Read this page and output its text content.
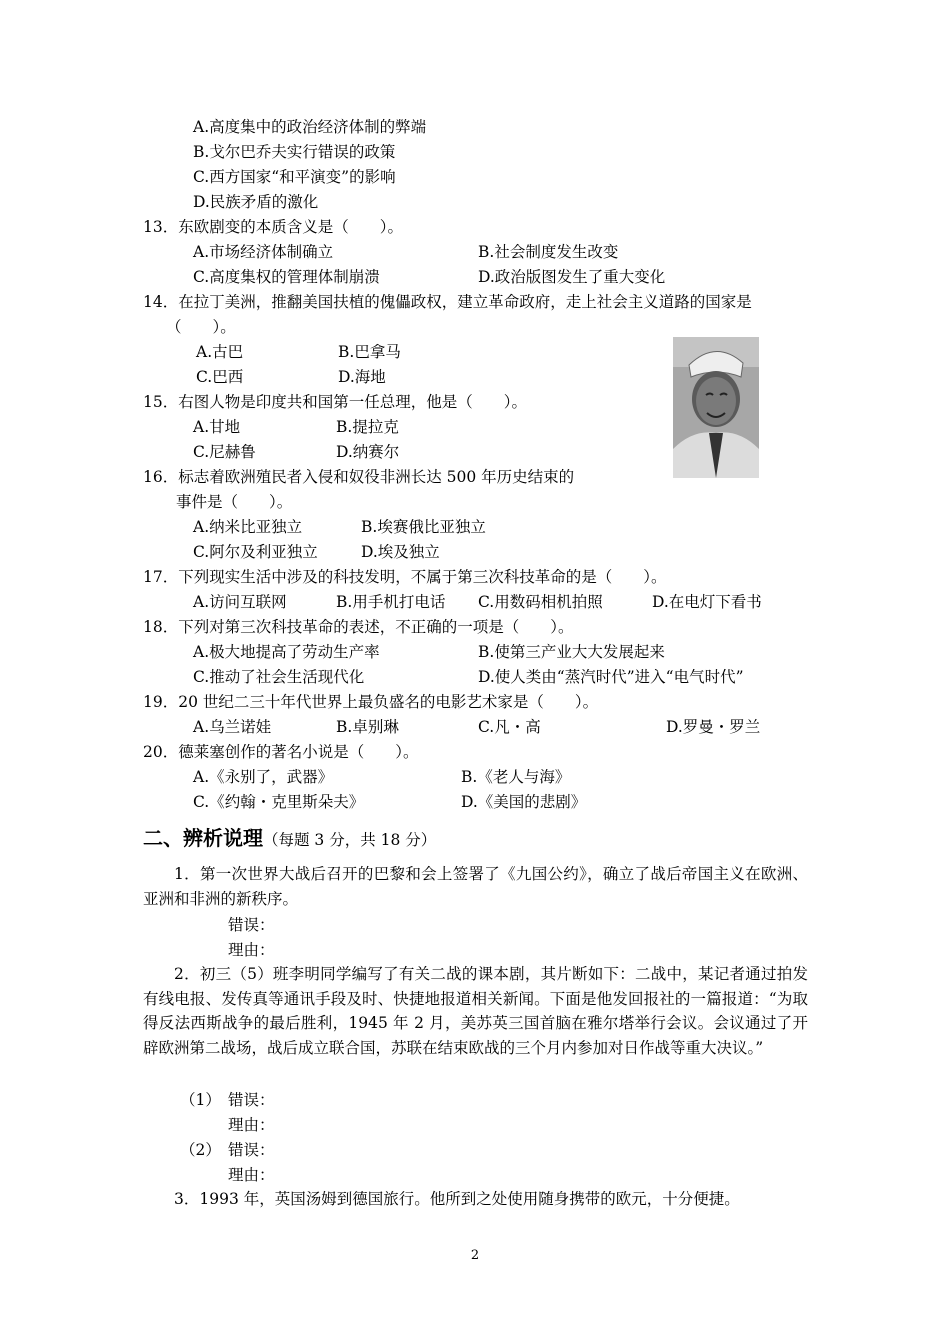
A.高度集中的政治经济体制的弊端
B.戈尔巴乔夫实行错误的政策
C.西方国家“和平演变”的影响
D.民族矛盾的激化
13．东欧剧变的本质含义是（　　）。
A.市场经济体制确立	B.社会制度发生改变
C.高度集权的管理体制崩溃	D.政治版图发生了重大变化
14．在拉丁美洲，推翻美国扶植的傀儡政权，建立革命政府，走上社会主义道路的国家是
（　　）。
A.古巴	B.巴拿马
C.巴西	D.海地
15．右图人物是印度共和国第一任总理，他是（　　）。
A.甘地	B.提拉克
C.尼赫鲁	D.纳赛尔
16．标志着欧洲殖民者入侵和奴役非洲长达 500 年历史结束的
事件是（　　）。
A.纳米比亚独立	B.埃赛俄比亚独立
C.阿尔及利亚独立	D.埃及独立
17．下列现实生活中涉及的科技发明，不属于第三次科技革命的是（　　）。
A.访问互联网	B.用手机打电话 C.用数码相机拍照	D.在电灯下看书
18．下列对第三次科技革命的表述，不正确的一项是（　　）。
A.极大地提高了劳动生产率	B.使第三产业大大发展起来
C.推动了社会生活现代化	D.使人类由“蒸汽时代”进入“电气时代”
19．20 世纪二三十年代世界上最负盛名的电影艺术家是（　　）。
A.乌兰诺娃	B.卓别琳	C.凡・高	D.罗曼・罗兰
20．德莱塞创作的著名小说是（　　）。
A.《永别了，武器》	B.《老人与海》
C.《约翰・克里斯朵夫》	D.《美国的悲剧》
二、辨析说理（每题 3 分，共 18 分）
1．第一次世界大战后召开的巴黎和会上签署了《九国公约》，确立了战后帝国主义在欧洲、亚洲和非洲的新秩序。
错误：
理由：
2．初三（5）班李明同学编写了有关二战的课本剧，其片断如下：二战中，某记者通过拍发有线电报、发传真等通讯手段及时、快捷地报道相关新闻。下面是他发回报社的一篇报道：“为取得反法西斯战争的最后胜利，1945 年 2 月，美苏英三国首脑在雅尔塔举行会议。会议通过了开辟欧洲第二战场，战后成立联合国，苏联在结束欧战的三个月内参加对日作战等重大决议。”
（1） 错误：
理由：
（2） 错误：
理由：
3．1993 年，英国汤姆到德国旅行。他所到之处使用随身携带的欧元，十分便捷。
2
